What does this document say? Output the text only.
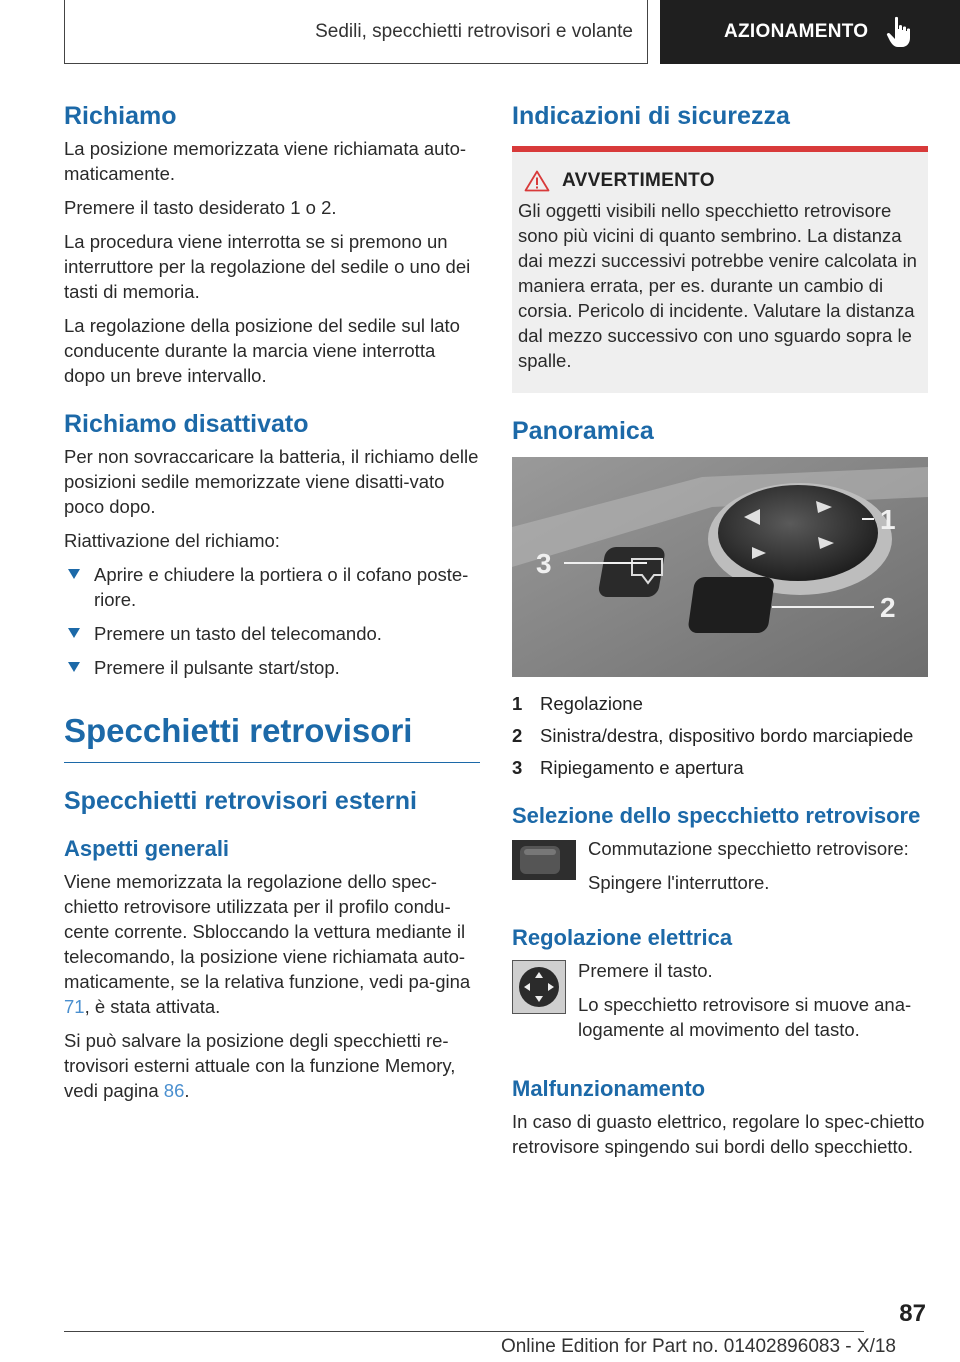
Sedili, specchietti retrovisori e volante	AZIONAMENTO
Richiamo

La posizione memorizzata viene richiamata auto-maticamente.

Premere il tasto desiderato 1 o 2.

La procedura viene interrotta se si premono un interruttore per la regolazione del sedile o uno dei tasti di memoria.

La regolazione della posizione del sedile sul lato conducente durante la marcia viene interrotta dopo un breve intervallo.

Richiamo disattivato

Per non sovraccaricare la batteria, il richiamo delle posizioni sedile memorizzate viene disatti-vato poco dopo.

Riattivazione del richiamo:

Aprire e chiudere la portiera o il cofano poste-riore.
Premere un tasto del telecomando.
Premere il pulsante start/stop.
Specchietti retrovisori
Specchietti retrovisori esterni
Aspetti generali

Viene memorizzata la regolazione dello spec-chietto retrovisore utilizzata per il profilo condu-cente corrente. Sbloccando la vettura mediante il telecomando, la posizione viene richiamata auto-maticamente, se la relativa funzione, vedi pa-gina 71, è stata attivata.

Si può salvare la posizione degli specchietti re-trovisori esterni attuale con la funzione Memory, vedi pagina 86.

Indicazioni di sicurezza
AVVERTIMENTO

Gli oggetti visibili nello specchietto retrovisore sono più vicini di quanto sembrino. La distanza dai mezzi successivi potrebbe venire calcolata in maniera errata, per es. durante un cambio di corsia. Pericolo di incidente. Valutare la distanza dal mezzo successivo con uno sguardo sopra le spalle.

Panoramica
1
2
3
1 Regolazione
2 Sinistra/destra, dispositivo bordo marciapiede
3 Ripiegamento e apertura
Selezione dello specchietto retrovisore

Commutazione specchietto retrovisore:

Spingere l'interruttore.

Regolazione elettrica

Premere il tasto.

Lo specchietto retrovisore si muove ana-logamente al movimento del tasto.

Malfunzionamento

In caso di guasto elettrico, regolare lo spec-chietto retrovisore spingendo sui bordi dello specchietto.

87
Online Edition for Part no. 01402896083 - X/18
